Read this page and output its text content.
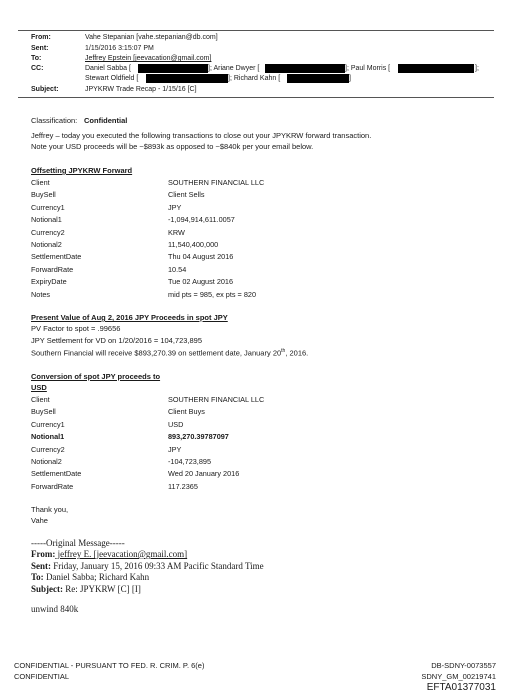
From:	Vahe Stepanian [vahe.stepanian@db.com]
Sent:	1/15/2016 3:15:07 PM
To:	Jeffrey Epstein [jeevacation@gmail.com]
CC:	Daniel Sabba [	]; Ariane Dwyer [	]; Paul Morris [	];
Stewart Oldfield [	]; Richard Kahn [	]
Subject:	JPYKRW Trade Recap - 1/15/16 [C]
Classification: Confidential
Jeffrey – today you executed the following transactions to close out your JPYKRW forward transaction.
Note your USD proceeds will be ~$893k as opposed to ~$840k per your email below.
Offsetting JPYKRW Forward
Client	SOUTHERN FINANCIAL LLC
BuySell	Client Sells
Currency1	JPY
Notional1	-1,094,914,611.0057
Currency2	KRW
Notional2	11,540,400,000
SettlementDate	Thu 04 August 2016
ForwardRate	10.54
ExpiryDate	Tue 02 August 2016
Notes	mid pts = 985, ex pts = 820
Present Value of Aug 2, 2016 JPY Proceeds in spot JPY
PV Factor to spot = .99656
JPY Settlement for VD on 1/20/2016 = 104,723,895
Southern Financial will receive $893,270.39 on settlement date, January 20th, 2016.
Conversion of spot JPY proceeds to
USD
Client	SOUTHERN FINANCIAL LLC
BuySell	Client Buys
Currency1	USD
Notional1	893,270.39787097
Currency2	JPY
Notional2	-104,723,895
SettlementDate	Wed 20 January 2016
ForwardRate	117.2365
Thank you,
Vahe
-----Original Message-----
From: jeffrey E. [jeevacation@gmail.com]
Sent: Friday, January 15, 2016 09:33 AM Pacific Standard Time
To: Daniel Sabba; Richard Kahn
Subject: Re: JPYKRW [C] [I]
unwind 840k
CONFIDENTIAL - PURSUANT TO FED. R. CRIM. P. 6(e)
CONFIDENTIAL
DB-SDNY-0073557
SDNY_GM_00219741
EFTA01377031
